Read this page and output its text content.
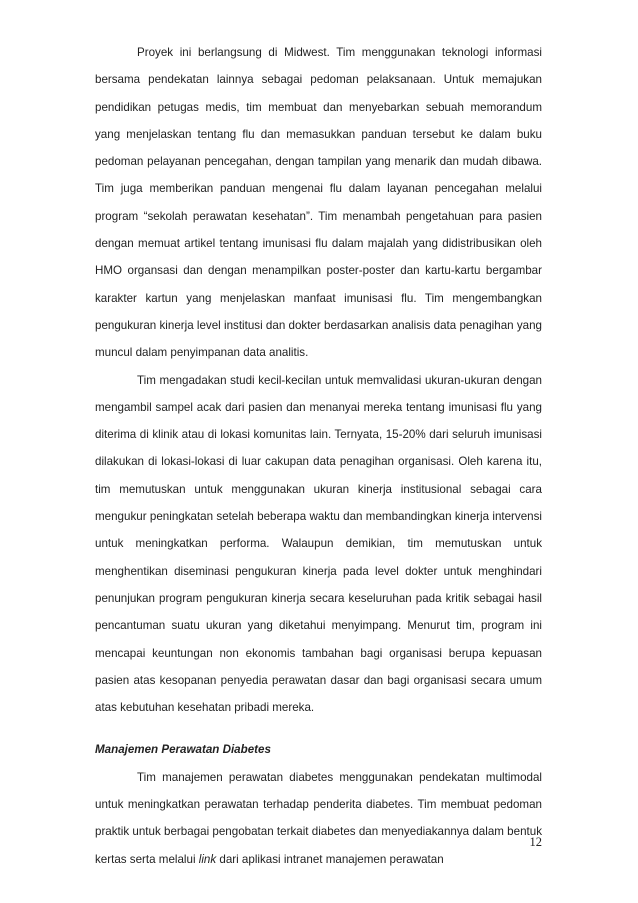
Proyek ini berlangsung di Midwest. Tim menggunakan teknologi informasi bersama pendekatan lainnya sebagai pedoman pelaksanaan. Untuk memajukan pendidikan petugas medis, tim membuat dan menyebarkan sebuah memorandum yang menjelaskan tentang flu dan memasukkan panduan tersebut ke dalam buku pedoman pelayanan pencegahan, dengan tampilan yang menarik dan mudah dibawa. Tim juga memberikan panduan mengenai flu dalam layanan pencegahan melalui program “sekolah perawatan kesehatan”. Tim menambah pengetahuan para pasien dengan memuat artikel tentang imunisasi flu dalam majalah yang didistribusikan oleh HMO organsasi dan dengan menampilkan poster-poster dan kartu-kartu bergambar karakter kartun yang menjelaskan manfaat imunisasi flu. Tim mengembangkan pengukuran kinerja level institusi dan dokter berdasarkan analisis data penagihan yang muncul dalam penyimpanan data analitis.

Tim mengadakan studi kecil-kecilan untuk memvalidasi ukuran-ukuran dengan mengambil sampel acak dari pasien dan menanyai mereka tentang imunisasi flu yang diterima di klinik atau di lokasi komunitas lain. Ternyata, 15-20% dari seluruh imunisasi dilakukan di lokasi-lokasi di luar cakupan data penagihan organisasi. Oleh karena itu, tim memutuskan untuk menggunakan ukuran kinerja institusional sebagai cara mengukur peningkatan setelah beberapa waktu dan membandingkan kinerja intervensi untuk meningkatkan performa. Walaupun demikian, tim memutuskan untuk menghentikan diseminasi pengukuran kinerja pada level dokter untuk menghindari penunjukan program pengukuran kinerja secara keseluruhan pada kritik sebagai hasil pencantuman suatu ukuran yang diketahui menyimpang. Menurut tim, program ini mencapai keuntungan non ekonomis tambahan bagi organisasi berupa kepuasan pasien atas kesopanan penyedia perawatan dasar dan bagi organisasi secara umum atas kebutuhan kesehatan pribadi mereka.

Manajemen Perawatan Diabetes

Tim manajemen perawatan diabetes menggunakan pendekatan multimodal untuk meningkatkan perawatan terhadap penderita diabetes. Tim membuat pedoman praktik untuk berbagai pengobatan terkait diabetes dan menyediakannya dalam bentuk kertas serta melalui link dari aplikasi intranet manajemen perawatan

12
